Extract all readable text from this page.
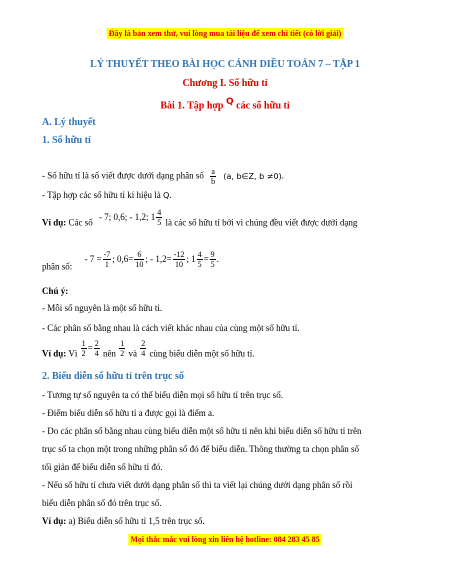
Đây là bản xem thử, vui lòng mua tài liệu để xem chi tiết (có lời giải)
LÝ THUYẾT THEO BÀI HỌC CÁNH DIỀU TOÁN 7 – TẬP 1
Chương I. Số hữu tỉ
Bài 1. Tập hợp Q các số hữu tỉ
A. Lý thuyết
1. Số hữu tỉ
- Số hữu tỉ là số viết được dưới dạng phân số $\frac{a}{b} (a$, b∈Z, b ≠0).
- Tập hợp các số hữu tỉ kí hiệu là Q.
Ví dụ: Các số - 7; 0,6; - 1,2; $1 \frac{4}{5}$ là các số hữu tỉ bởi vì chúng đều viết được dưới dạng
phân số: - $7 = \frac{-7}{1}$ ; $0,6= \frac{6}{10}$ ; - $1,2= \frac{-12}{10}$ ; $1 \frac{4}{5} = \frac{9}{5}$ .
Chú ý:
- Mỗi số nguyên là một số hữu tỉ.
- Các phân số bằng nhau là cách viết khác nhau của cùng một số hữu tỉ.
Ví dụ: Vì $\frac{1}{2} = \frac{2}{4}$ nên $\frac{1}{2}$ và $\frac{2}{4}$ cùng biểu diễn một số hữu tỉ.
2. Biểu diễn số hữu tỉ trên trục số
- Tương tự số nguyên ta có thể biểu diễn mọi số hữu tỉ trên trục số.
- Điểm biểu diễn số hữu tỉ a được gọi là điểm a.
- Do các phân số bằng nhau cùng biểu diễn một số hữu tỉ nên khi biểu diễn số hữu tỉ trên
trục số ta chọn một trong những phân số đó để biểu diễn. Thông thường ta chọn phân số
tối giản để biểu diễn số hữu tỉ đó.
- Nếu số hữu tỉ chưa viết dưới dạng phân số thì ta viết lại chúng dưới dạng phân số rồi
biểu diễn phân số đó trên trục số.
Ví dụ: a) Biểu diễn số hữu tỉ 1,5 trên trục số.
Mọi thắc mắc vui lòng xin liên hệ hotline: 084 283 45 85
